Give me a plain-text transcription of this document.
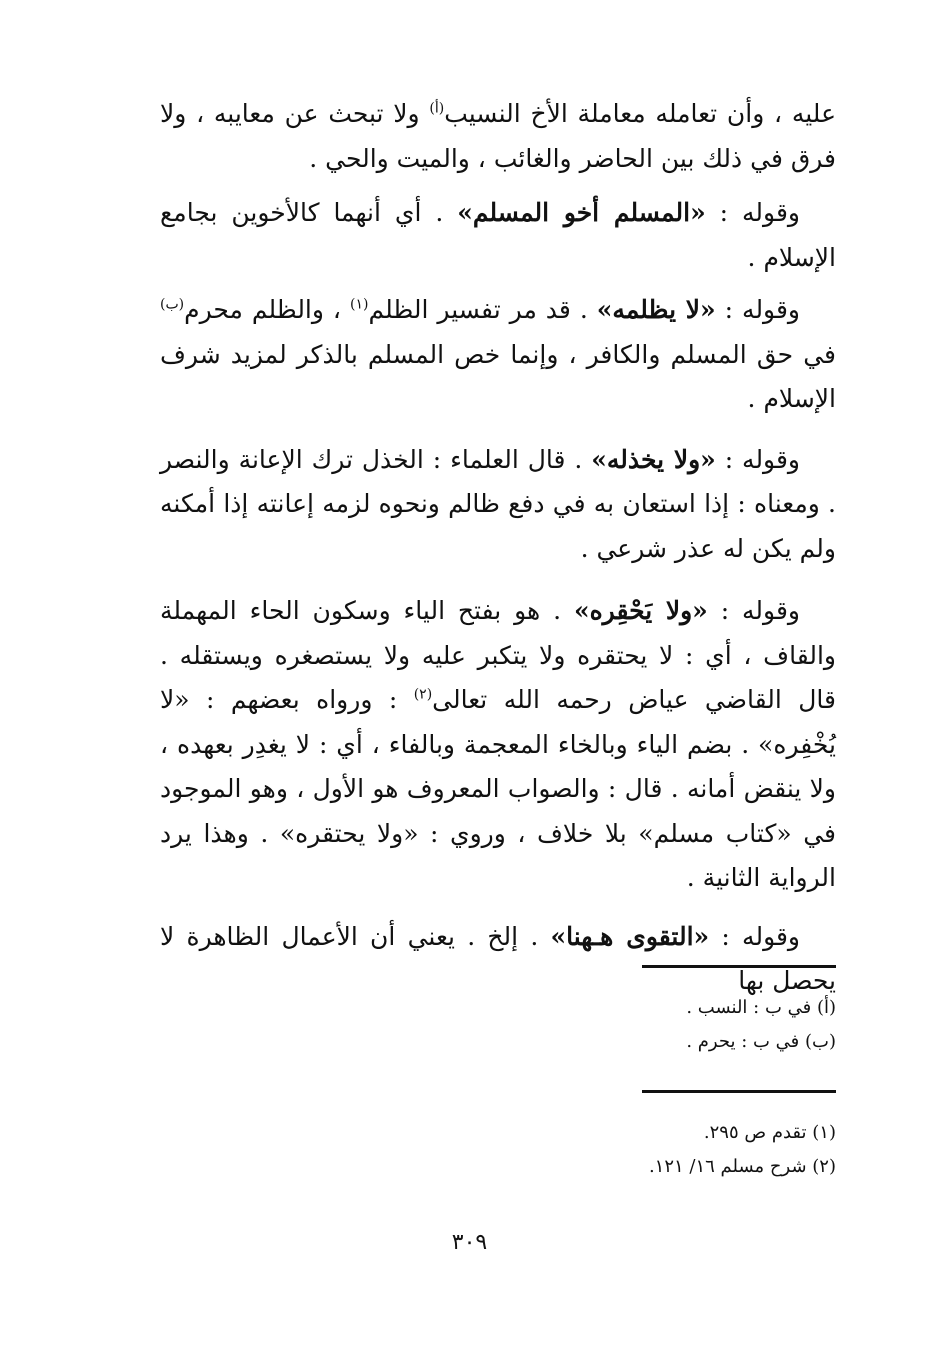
عليه ، وأن تعامله معاملة الأخ النسيب$^{(أ)}$ ولا تبحث عن معايبه ، ولا فرق في ذلك بين الحاضر والغائب ، والميت والحي .

وقوله : «المسلم أخو المسلم» . أي أنهما كالأخوين بجامع الإسلام .

وقوله : «لا يظلمه» . قد مر تفسير الظلم$^{(١)}$ ، والظلم محرم$^{(ب)}$ في حق المسلم والكافر ، وإنما خص المسلم بالذكر لمزيد شرف الإسلام .

وقوله : «ولا يخذله» . قال العلماء : الخذل ترك الإعانة والنصر . ومعناه : إذا استعان به في دفع ظالم ونحوه لزمه إعانته إذا أمكنه ولم يكن له عذر شرعي .

وقوله : «ولا يَحْقِره» . هو بفتح الياء وسكون الحاء المهملة والقاف ، أي : لا يحتقره ولا يتكبر عليه ولا يستصغره ويستقله . قال القاضي عياض رحمه الله تعالى$^{(٢)}$ : ورواه بعضهم : «لا يُخْفِره» . بضم الياء وبالخاء المعجمة وبالفاء ، أي : لا يغدِر بعهده ، ولا ينقض أمانه . قال : والصواب المعروف هو الأول ، وهو الموجود في «كتاب مسلم» بلا خلاف ، وروي : «ولا يحتقره» . وهذا يرد الرواية الثانية .

وقوله : «التقوى هـهنا» . إلخ . يعني أن الأعمال الظاهرة لا يحصل بها

(أ) في ب : النسب .

(ب) في ب : يحرم .

(١) تقدم ص ٢٩٥.

(٢) شرح مسلم ١٦/ ١٢١.

٣٠٩
